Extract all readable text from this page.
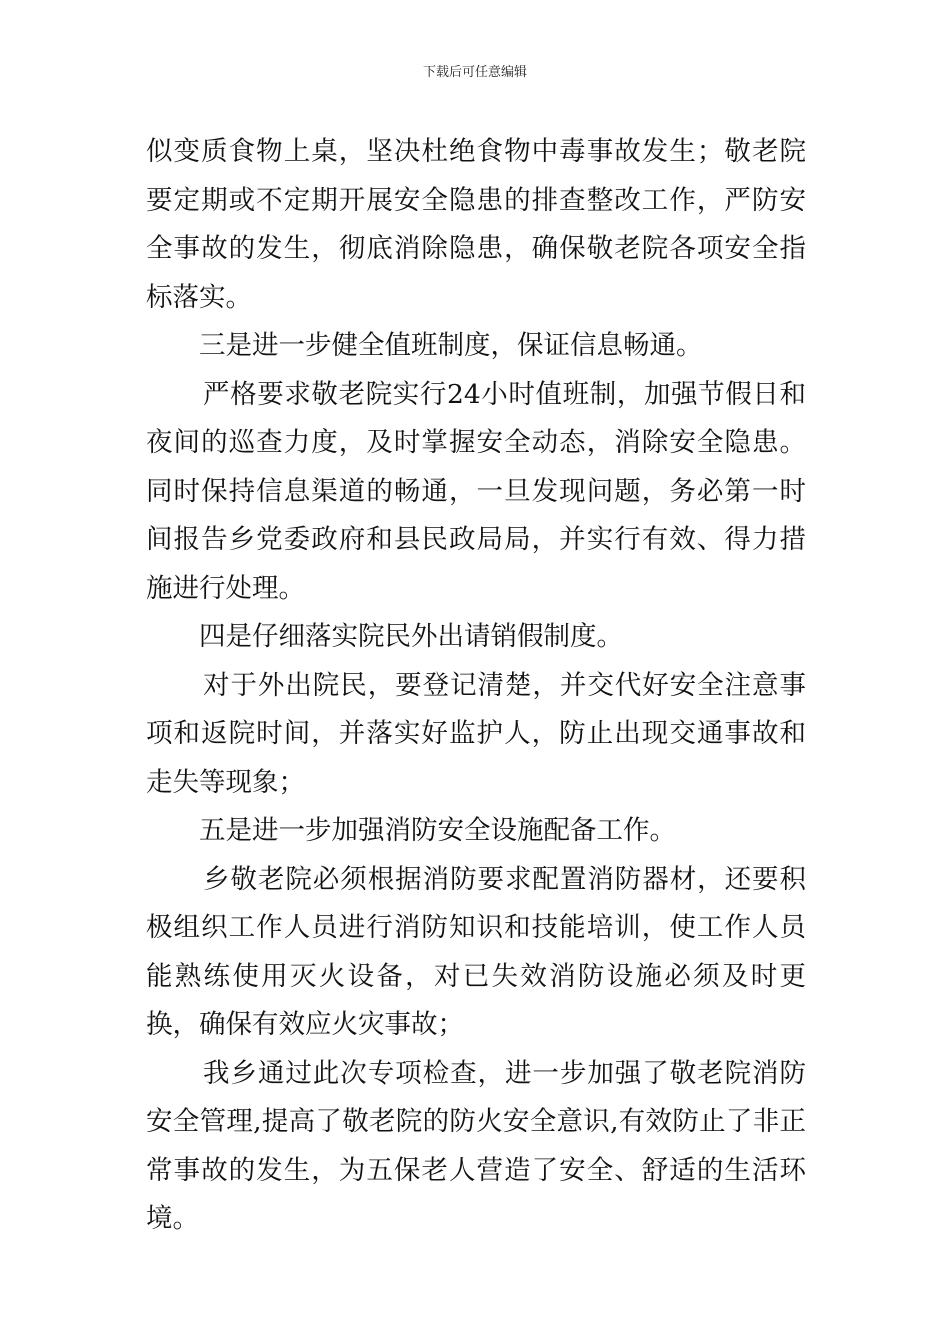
下载后可任意编辑

似变质食物上桌，坚决杜绝食物中毒事故发生；敬老院要定期或不定期开展安全隐患的排查整改工作，严防安全事故的发生，彻底消除隐患，确保敬老院各项安全指标落实。

三是进一步健全值班制度，保证信息畅通。

严格要求敬老院实行24小时值班制，加强节假日和夜间的巡查力度，及时掌握安全动态，消除安全隐患。同时保持信息渠道的畅通，一旦发现问题，务必第一时间报告乡党委政府和县民政局局，并实行有效、得力措施进行处理。

四是仔细落实院民外出请销假制度。

对于外出院民，要登记清楚，并交代好安全注意事项和返院时间，并落实好监护人，防止出现交通事故和走失等现象；

五是进一步加强消防安全设施配备工作。

乡敬老院必须根据消防要求配置消防器材，还要积极组织工作人员进行消防知识和技能培训，使工作人员能熟练使用灭火设备，对已失效消防设施必须及时更换，确保有效应火灾事故；

我乡通过此次专项检查，进一步加强了敬老院消防安全管理,提高了敬老院的防火安全意识,有效防止了非正常事故的发生，为五保老人营造了安全、舒适的生活环境。
